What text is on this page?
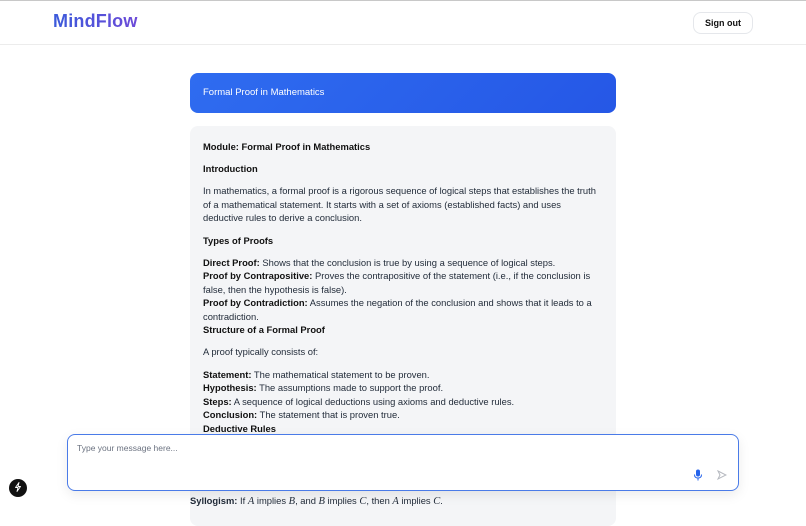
MindFlow	Sign out
Formal Proof in Mathematics
Module: Formal Proof in Mathematics
Introduction

In mathematics, a formal proof is a rigorous sequence of logical steps that establishes the truth of a mathematical statement. It starts with a set of axioms (established facts) and uses deductive rules to derive a conclusion.

Types of Proofs
Direct Proof: Shows that the conclusion is true by using a sequence of logical steps.
Proof by Contrapositive: Proves the contrapositive of the statement (i.e., if the conclusion is false, then the hypothesis is false).
Proof by Contradiction: Assumes the negation of the conclusion and shows that it leads to a contradiction.
Structure of a Formal Proof

A proof typically consists of:

Statement: The mathematical statement to be proven.
Hypothesis: The assumptions made to support the proof.
Steps: A sequence of logical deductions using axioms and deductive rules.
Conclusion: The statement that is proven true.
Deductive Rules
Syllogism: If A implies B, and B implies C, then A implies C.
Type your message here...
